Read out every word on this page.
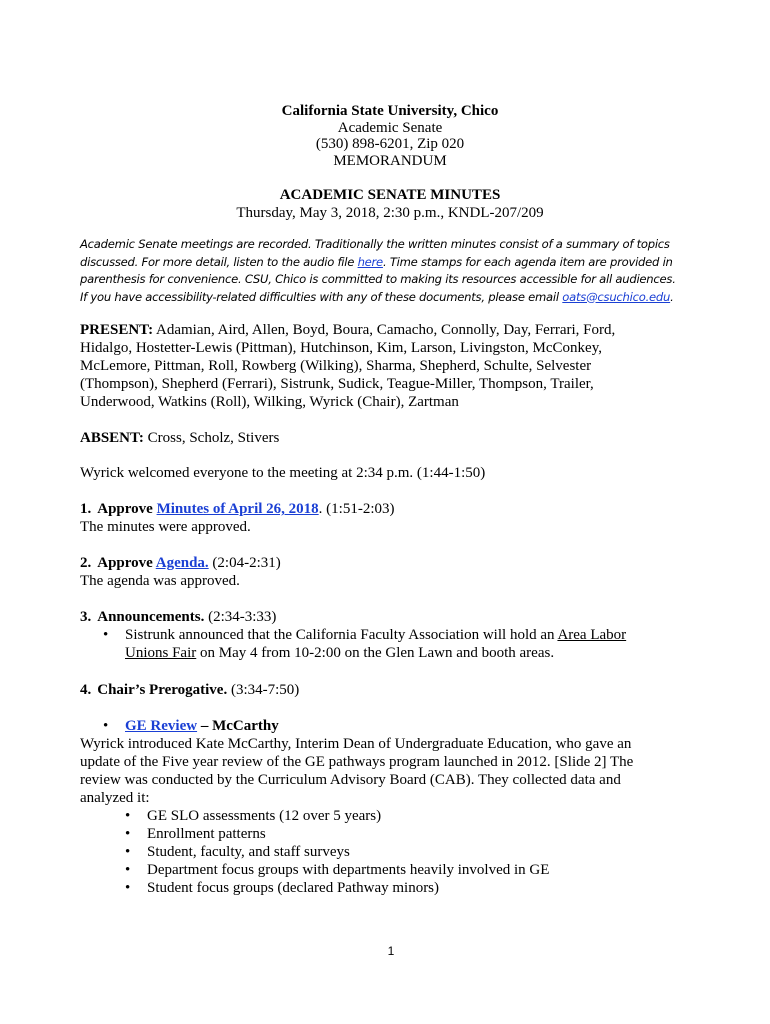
California State University, Chico
Academic Senate
(530) 898-6201, Zip 020
MEMORANDUM
ACADEMIC SENATE MINUTES
Thursday, May 3, 2018, 2:30 p.m., KNDL-207/209
Academic Senate meetings are recorded. Traditionally the written minutes consist of a summary of topics
discussed. For more detail, listen to the audio file here. Time stamps for each agenda item are provided in
parenthesis for convenience. CSU, Chico is committed to making its resources accessible for all audiences.
If you have accessibility-related difficulties with any of these documents, please email oats@csuchico.edu.
PRESENT: Adamian, Aird, Allen, Boyd, Boura, Camacho, Connolly, Day, Ferrari, Ford,
Hidalgo, Hostetter-Lewis (Pittman), Hutchinson, Kim, Larson, Livingston, McConkey,
McLemore, Pittman, Roll, Rowberg (Wilking), Sharma, Shepherd, Schulte, Selvester
(Thompson), Shepherd (Ferrari), Sistrunk, Sudick, Teague-Miller, Thompson, Trailer,
Underwood, Watkins (Roll), Wilking, Wyrick (Chair), Zartman
ABSENT: Cross, Scholz, Stivers
Wyrick welcomed everyone to the meeting at 2:34 p.m. (1:44-1:50)
1. Approve Minutes of April 26, 2018. (1:51-2:03)
The minutes were approved.
2. Approve Agenda. (2:04-2:31)
The agenda was approved.
3. Announcements. (2:34-3:33)
• Sistrunk announced that the California Faculty Association will hold an Area Labor
Unions Fair on May 4 from 10-2:00 on the Glen Lawn and booth areas.
4. Chair’s Prerogative. (3:34-7:50)
• GE Review – McCarthy
Wyrick introduced Kate McCarthy, Interim Dean of Undergraduate Education, who gave an
update of the Five year review of the GE pathways program launched in 2012. [Slide 2] The
review was conducted by the Curriculum Advisory Board (CAB). They collected data and
analyzed it:
• GE SLO assessments (12 over 5 years)
• Enrollment patterns
• Student, faculty, and staff surveys
• Department focus groups with departments heavily involved in GE
• Student focus groups (declared Pathway minors)
1
